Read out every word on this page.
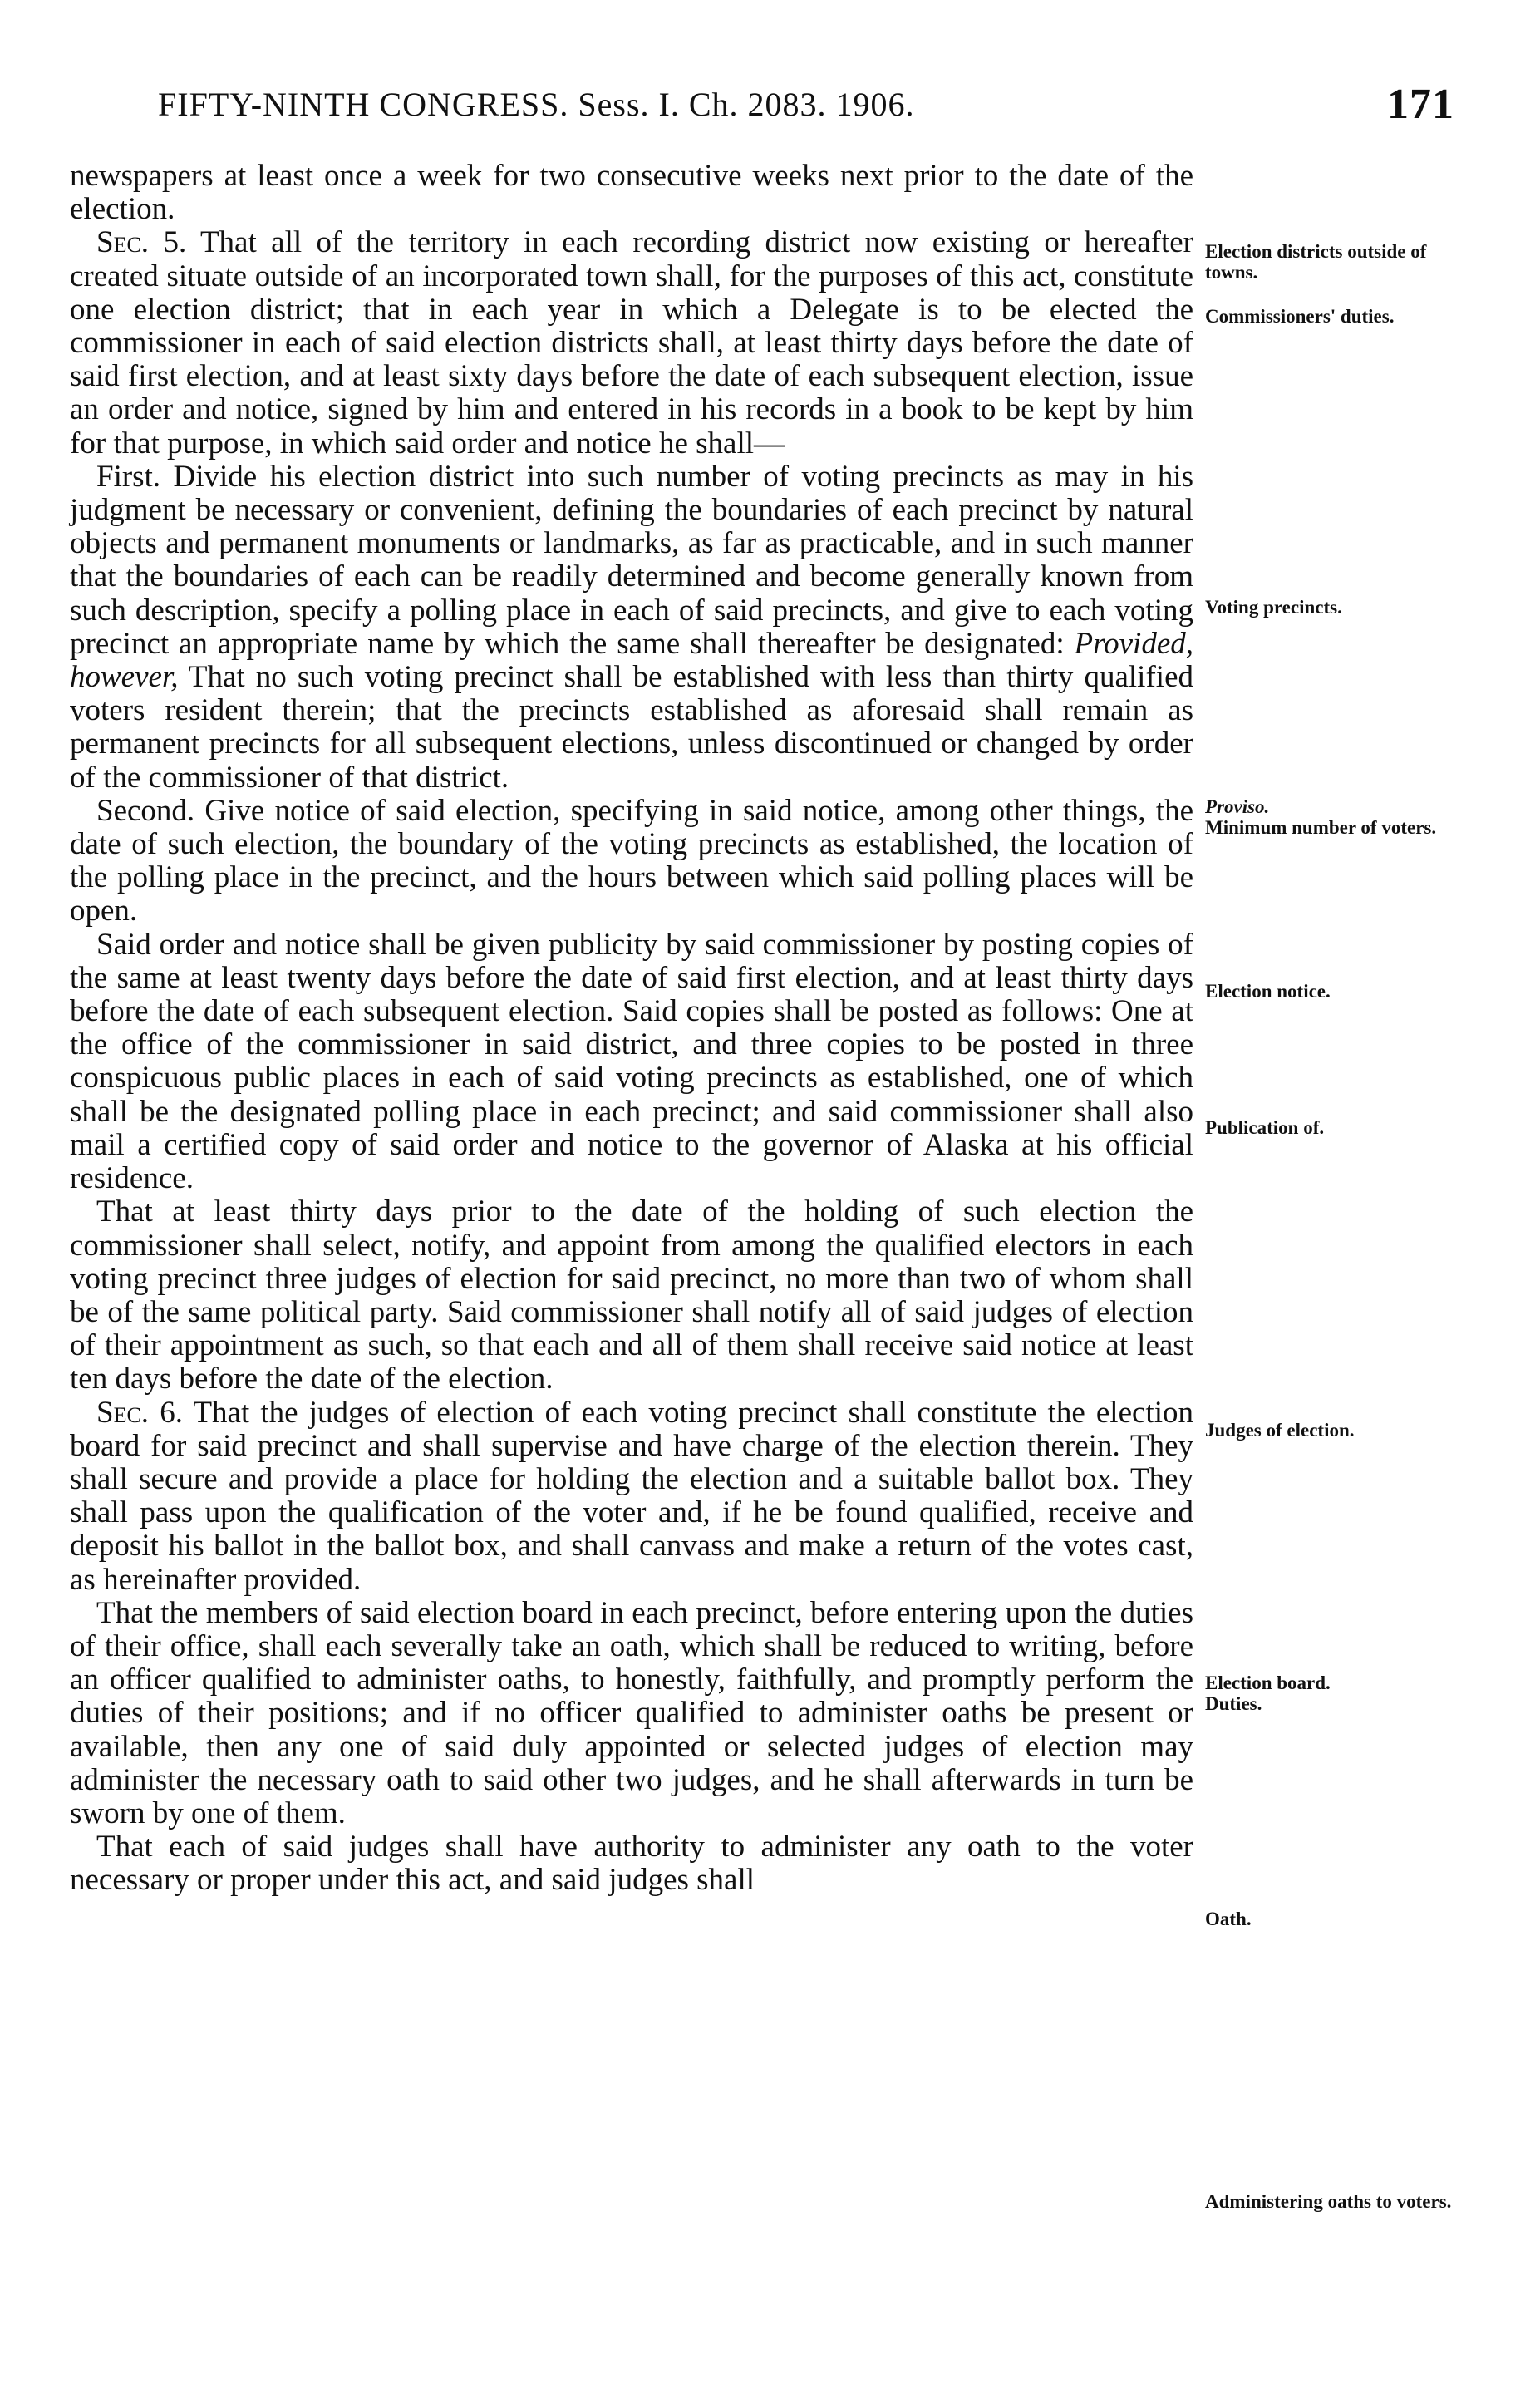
FIFTY-NINTH CONGRESS. Sess. I. Ch. 2083. 1906.	171

newspapers at least once a week for two consecutive weeks next prior to the date of the election.

Sec. 5. That all of the territory in each recording district now existing or hereafter created situate outside of an incorporated town shall, for the purposes of this act, constitute one election district; that in each year in which a Delegate is to be elected the commissioner in each of said election districts shall, at least thirty days before the date of said first election, and at least sixty days before the date of each subsequent election, issue an order and notice, signed by him and entered in his records in a book to be kept by him for that purpose, in which said order and notice he shall—

First. Divide his election district into such number of voting precincts as may in his judgment be necessary or convenient, defining the boundaries of each precinct by natural objects and permanent monuments or landmarks, as far as practicable, and in such manner that the boundaries of each can be readily determined and become generally known from such description, specify a polling place in each of said precincts, and give to each voting precinct an appropriate name by which the same shall thereafter be designated: Provided, however, That no such voting precinct shall be established with less than thirty qualified voters resident therein; that the precincts established as aforesaid shall remain as permanent precincts for all subsequent elections, unless discontinued or changed by order of the commissioner of that district.

Second. Give notice of said election, specifying in said notice, among other things, the date of such election, the boundary of the voting precincts as established, the location of the polling place in the precinct, and the hours between which said polling places will be open.

Said order and notice shall be given publicity by said commissioner by posting copies of the same at least twenty days before the date of said first election, and at least thirty days before the date of each subsequent election. Said copies shall be posted as follows: One at the office of the commissioner in said district, and three copies to be posted in three conspicuous public places in each of said voting precincts as established, one of which shall be the designated polling place in each precinct; and said commissioner shall also mail a certified copy of said order and notice to the governor of Alaska at his official residence.

That at least thirty days prior to the date of the holding of such election the commissioner shall select, notify, and appoint from among the qualified electors in each voting precinct three judges of election for said precinct, no more than two of whom shall be of the same political party. Said commissioner shall notify all of said judges of election of their appointment as such, so that each and all of them shall receive said notice at least ten days before the date of the election.

Sec. 6. That the judges of election of each voting precinct shall constitute the election board for said precinct and shall supervise and have charge of the election therein. They shall secure and provide a place for holding the election and a suitable ballot box. They shall pass upon the qualification of the voter and, if he be found qualified, receive and deposit his ballot in the ballot box, and shall canvass and make a return of the votes cast, as hereinafter provided.

That the members of said election board in each precinct, before entering upon the duties of their office, shall each severally take an oath, which shall be reduced to writing, before an officer qualified to administer oaths, to honestly, faithfully, and promptly perform the duties of their positions; and if no officer qualified to administer oaths be present or available, then any one of said duly appointed or selected judges of election may administer the necessary oath to said other two judges, and he shall afterwards in turn be sworn by one of them.

That each of said judges shall have authority to administer any oath to the voter necessary or proper under this act, and said judges shall

Election districts outside of towns.
Commissioners' duties.
Voting precincts.
Proviso.
Minimum number of voters.
Election notice.
Publication of.
Judges of election.
Election board.
Duties.
Oath.
Administering oaths to voters.
